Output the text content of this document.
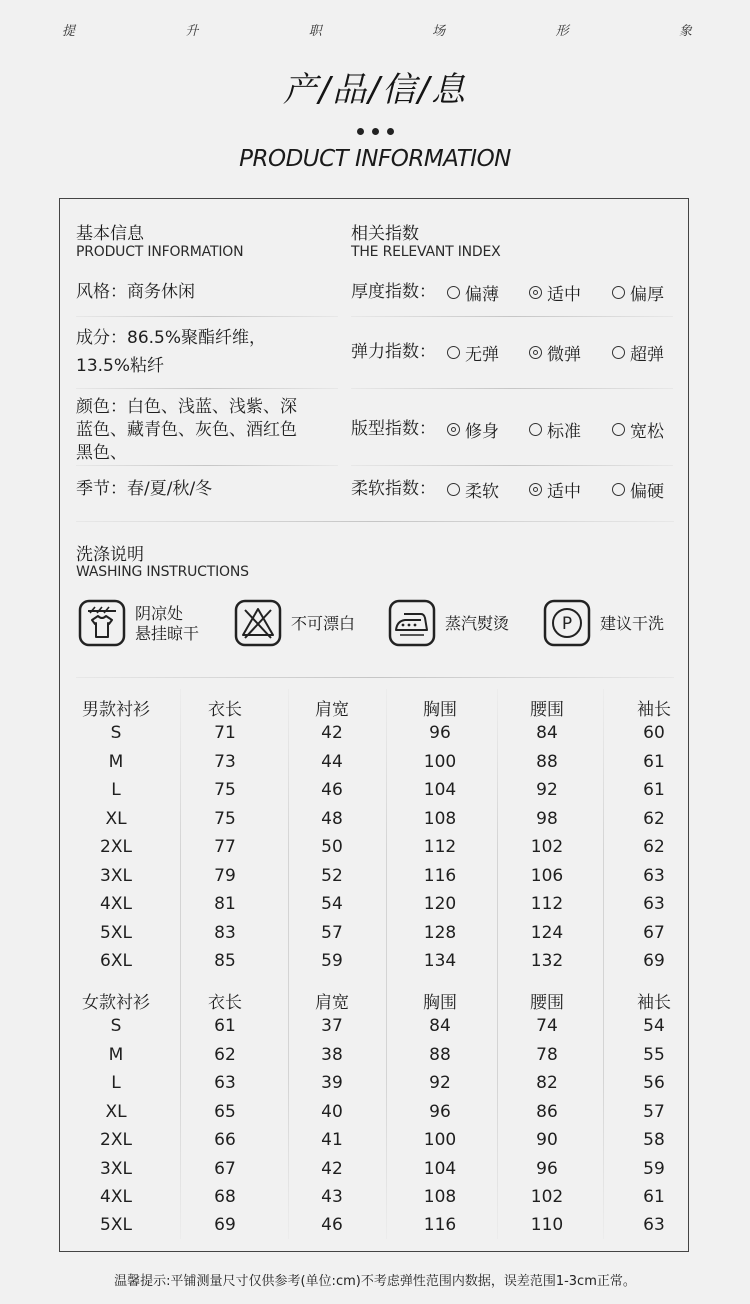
提	升	职	场	形	象
产/品/信/息
PRODUCT INFORMATION
基本信息
PRODUCT INFORMATION
风格：商务休闲
成分：86.5%聚酯纤维，
13.5%粘纤
颜色：白色、浅蓝、浅紫、深
蓝色、藏青色、灰色、酒红色
黑色、
季节：春/夏/秋/冬
相关指数
THE RELEVANT INDEX
厚度指数： 偏薄	适中	偏厚
弹力指数： 无弹	微弹	超弹
版型指数： 修身	标准	宽松
柔软指数： 柔软	适中	偏硬
洗涤说明
WASHING INSTRUCTIONS
阴凉处
悬挂晾干
不可漂白	蒸汽熨烫	P 建议干洗
男款衬衫	衣长	肩宽	胸围	腰围	袖长
S	71	42	96	84	60
M	73	44	100	88	61
L	75	46	104	92	61
XL	75	48	108	98	62
2XL	77	50	112	102	62
3XL	79	52	116	106	63
4XL	81	54	120	112	63
5XL	83	57	128	124	67
6XL	85	59	134	132	69
女款衬衫	衣长	肩宽	胸围	腰围	袖长
S	61	37	84	74	54
M	62	38	88	78	55
L	63	39	92	82	56
XL	65	40	96	86	57
2XL	66	41	100	90	58
3XL	67	42	104	96	59
4XL	68	43	108	102	61
5XL	69	46	116	110	63
温馨提示:平铺测量尺寸仅供参考(单位:cm)不考虑弹性范围内数据，误差范围1-3cm正常。
